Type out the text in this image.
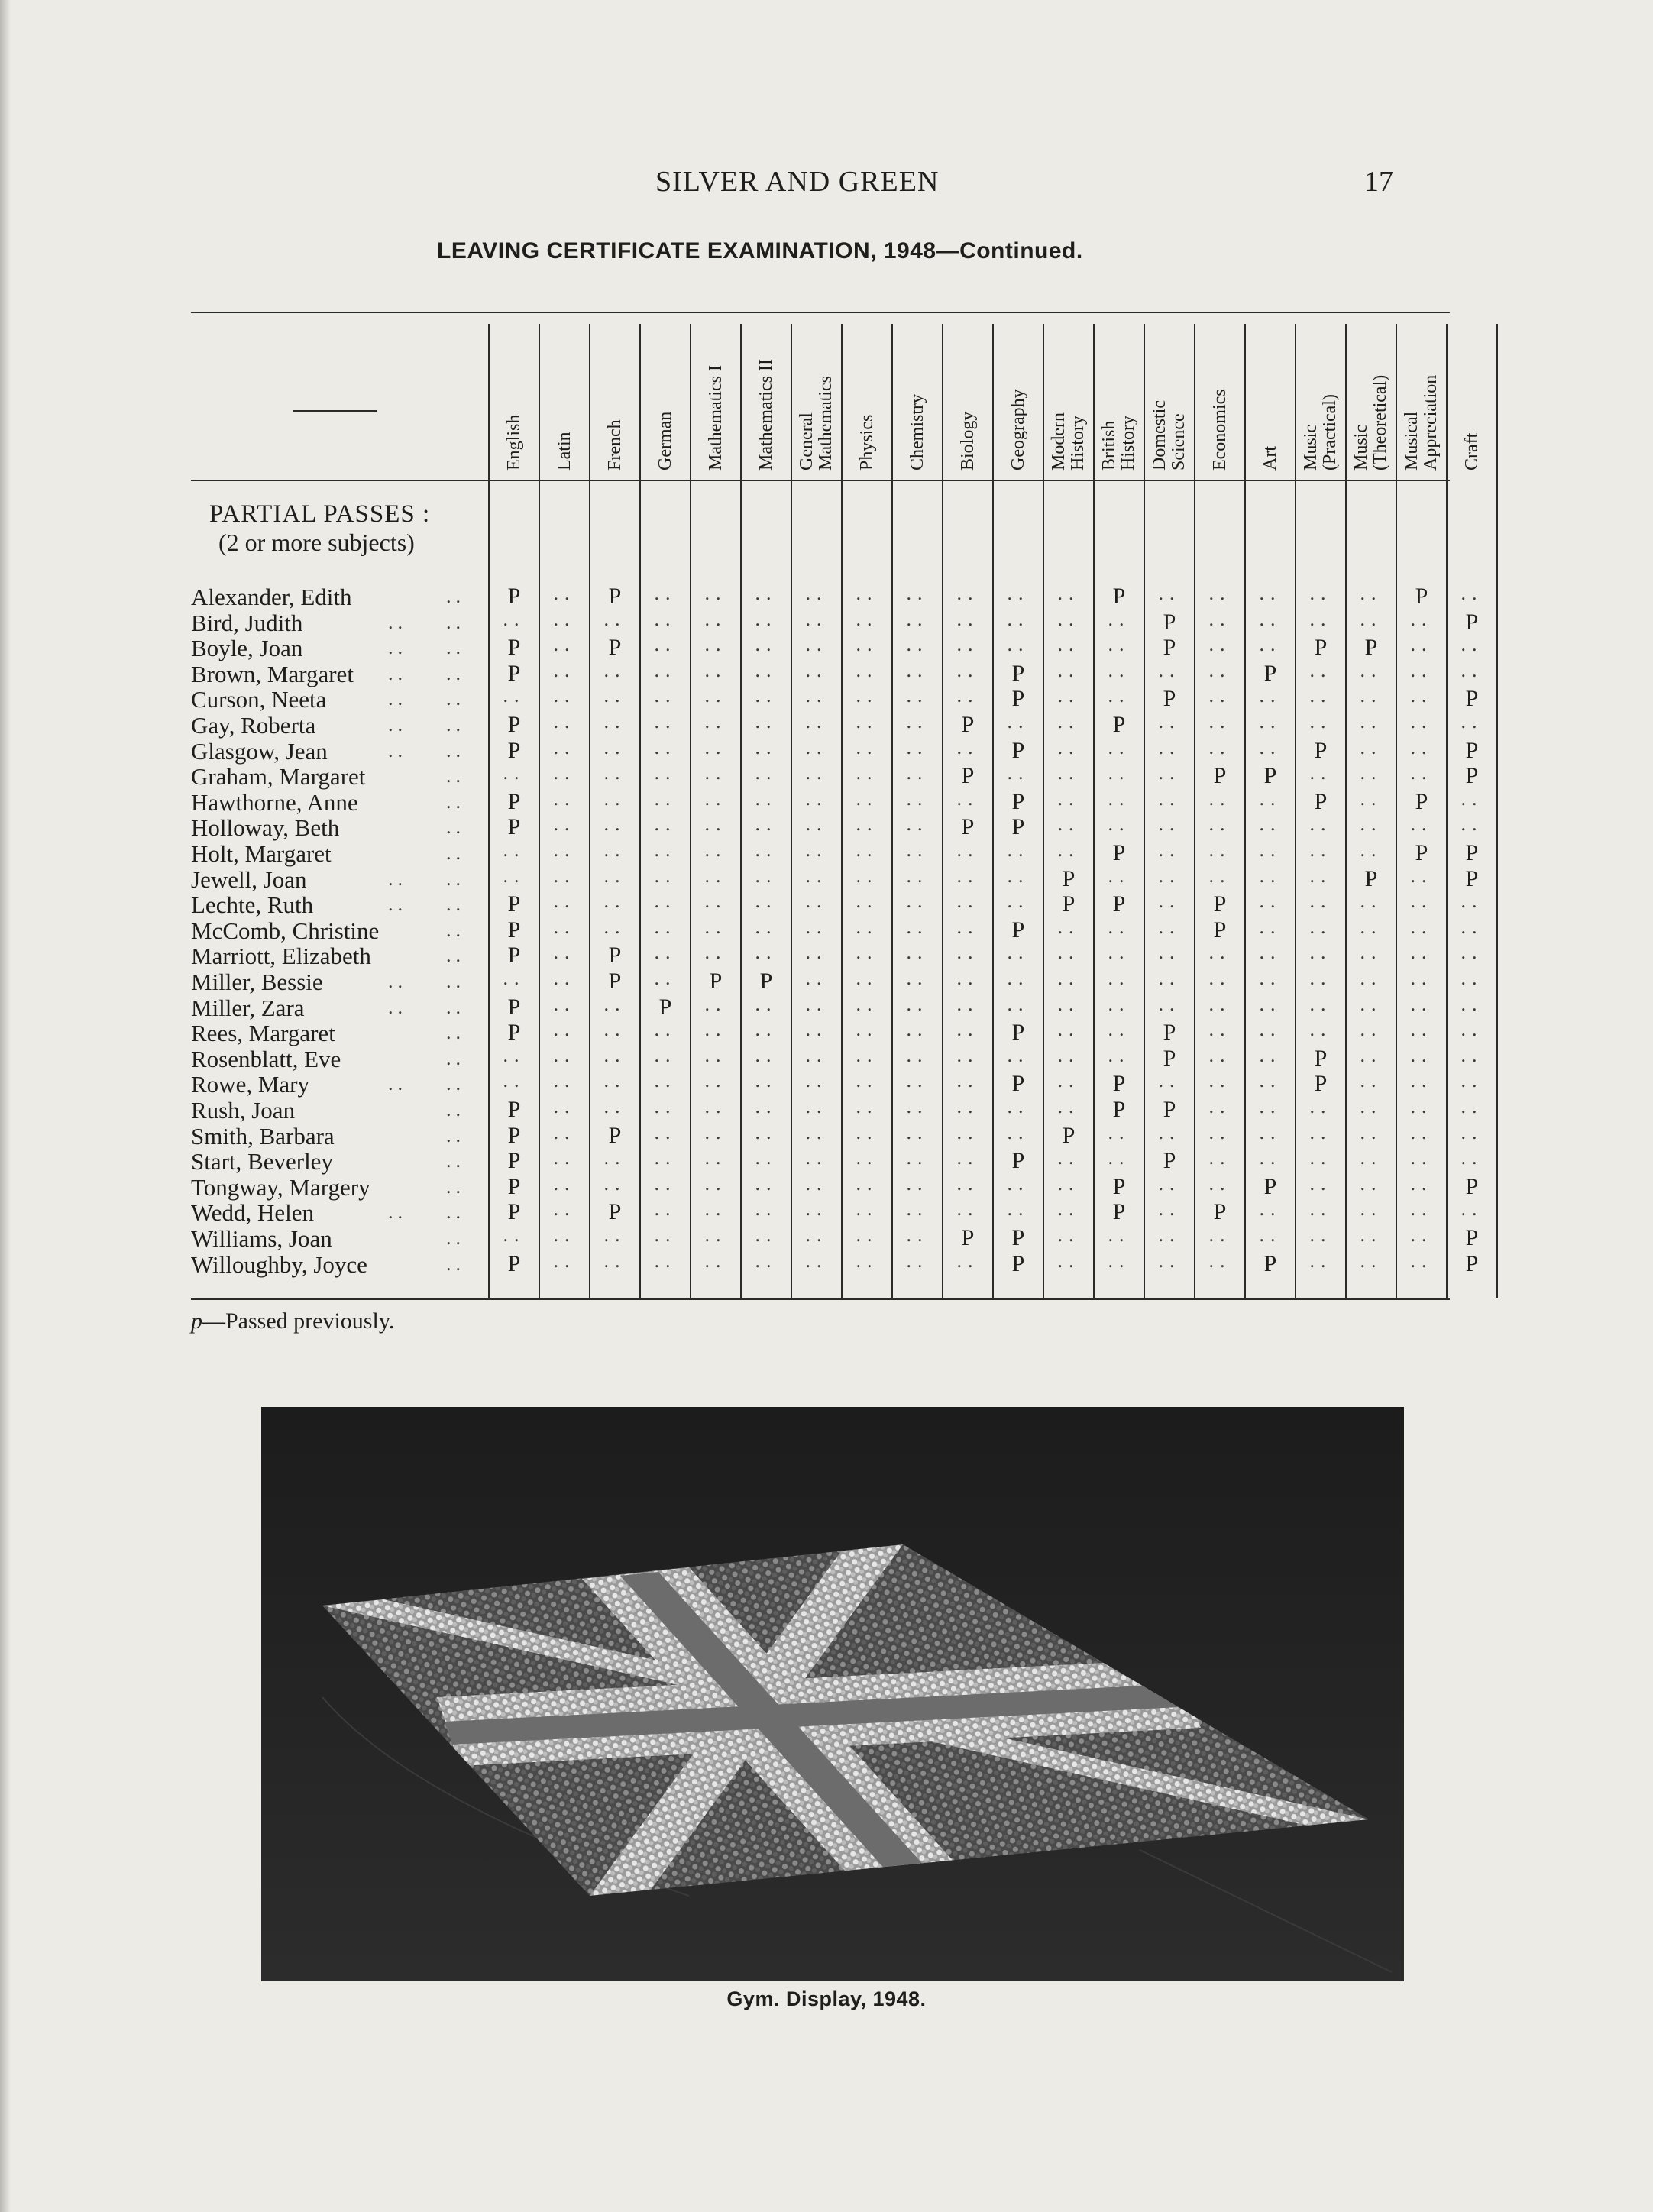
SILVER AND GREEN	17
LEAVING CERTIFICATE EXAMINATION, 1948—Continued.
English Latin French German Mathematics I Mathematics II General
Mathematics Physics Chemistry Biology Geography Modern
History British
History Domestic
Science Economics Art Music
(Practical) Music
(Theoretical) Musical
Appreciation Craft
PARTIAL PASSES :
(2 or more subjects)
Alexander, Edith	..	P	..	P	..	..	..	..	..	..	..	..	..	P	..	..	..	..	..	P	..
Bird, Judith	.. ..	..	..	..	..	..	..	..	..	..	..	..	..	..	P	..	..	..	..	..	P
Boyle, Joan	.. ..	P	..	P	..	..	..	..	..	..	..	..	..	..	P	..	..	P	P	..	..
Brown, Margaret .. ..	P	..	..	..	..	..	..	..	..	..	P	..	..	..	..	P	..	..	..	..
Curson, Neeta	.. ..	..	..	..	..	..	..	..	..	..	..	P	..	..	P	..	..	..	..	..	P
Gay, Roberta	.. ..	P	..	..	..	..	..	..	..	..	P	..	..	P	..	..	..	..	..	..	..
Glasgow, Jean	.. ..	P	..	..	..	..	..	..	..	..	..	P	..	..	..	..	..	P	..	..	P
Graham, Margaret	..	..	..	..	..	..	..	..	..	..	P	..	..	..	..	P	P	..	..	..	P
Hawthorne, Anne	..	P	..	..	..	..	..	..	..	..	..	P	..	..	..	..	..	P	..	P	..
Holloway, Beth	..	P	..	..	..	..	..	..	..	..	P	P	..	..	..	..	..	..	..	..	..
Holt, Margaret	..	..	..	..	..	..	..	..	..	..	..	..	..	P	..	..	..	..	..	P	P
Jewell, Joan	.. ..	..	..	..	..	..	..	..	..	..	..	..	P	..	..	..	..	..	P	..	P
Lechte, Ruth	.. ..	P	..	..	..	..	..	..	..	..	..	..	P	P	..	P	..	..	..	..	..
McComb, Christine	..	P	..	..	..	..	..	..	..	..	..	P	..	..	..	P	..	..	..	..	..
Marriott, Elizabeth	..	P	..	P	..	..	..	..	..	..	..	..	..	..	..	..	..	..	..	..	..
Miller, Bessie	.. ..	..	..	P	..	P	P	..	..	..	..	..	..	..	..	..	..	..	..	..	..
Miller, Zara	.. ..	P	..	..	P	..	..	..	..	..	..	..	..	..	..	..	..	..	..	..	..
Rees, Margaret	..	P	..	..	..	..	..	..	..	..	..	P	..	..	P	..	..	..	..	..	..
Rosenblatt, Eve	..	..	..	..	..	..	..	..	..	..	..	..	..	..	P	..	..	P	..	..	..
Rowe, Mary	.. ..	..	..	..	..	..	..	..	..	..	..	P	..	P	..	..	..	P	..	..	..
Rush, Joan	..	P	..	..	..	..	..	..	..	..	..	..	..	P	P	..	..	..	..	..	..
Smith, Barbara	..	P	..	P	..	..	..	..	..	..	..	..	P	..	..	..	..	..	..	..	..
Start, Beverley	..	P	..	..	..	..	..	..	..	..	..	P	..	..	P	..	..	..	..	..	..
Tongway, Margery	..	P	..	..	..	..	..	..	..	..	..	..	..	P	..	..	P	..	..	..	P
Wedd, Helen	.. ..	P	..	P	..	..	..	..	..	..	..	..	..	P	..	P	..	..	..	..	..
Williams, Joan	..	..	..	..	..	..	..	..	..	..	P	P	..	..	..	..	..	..	..	..	P
Willoughby, Joyce	..	P	..	..	..	..	..	..	..	..	..	P	..	..	..	..	P	..	..	..	P
p—Passed previously.
Gym. Display, 1948.
